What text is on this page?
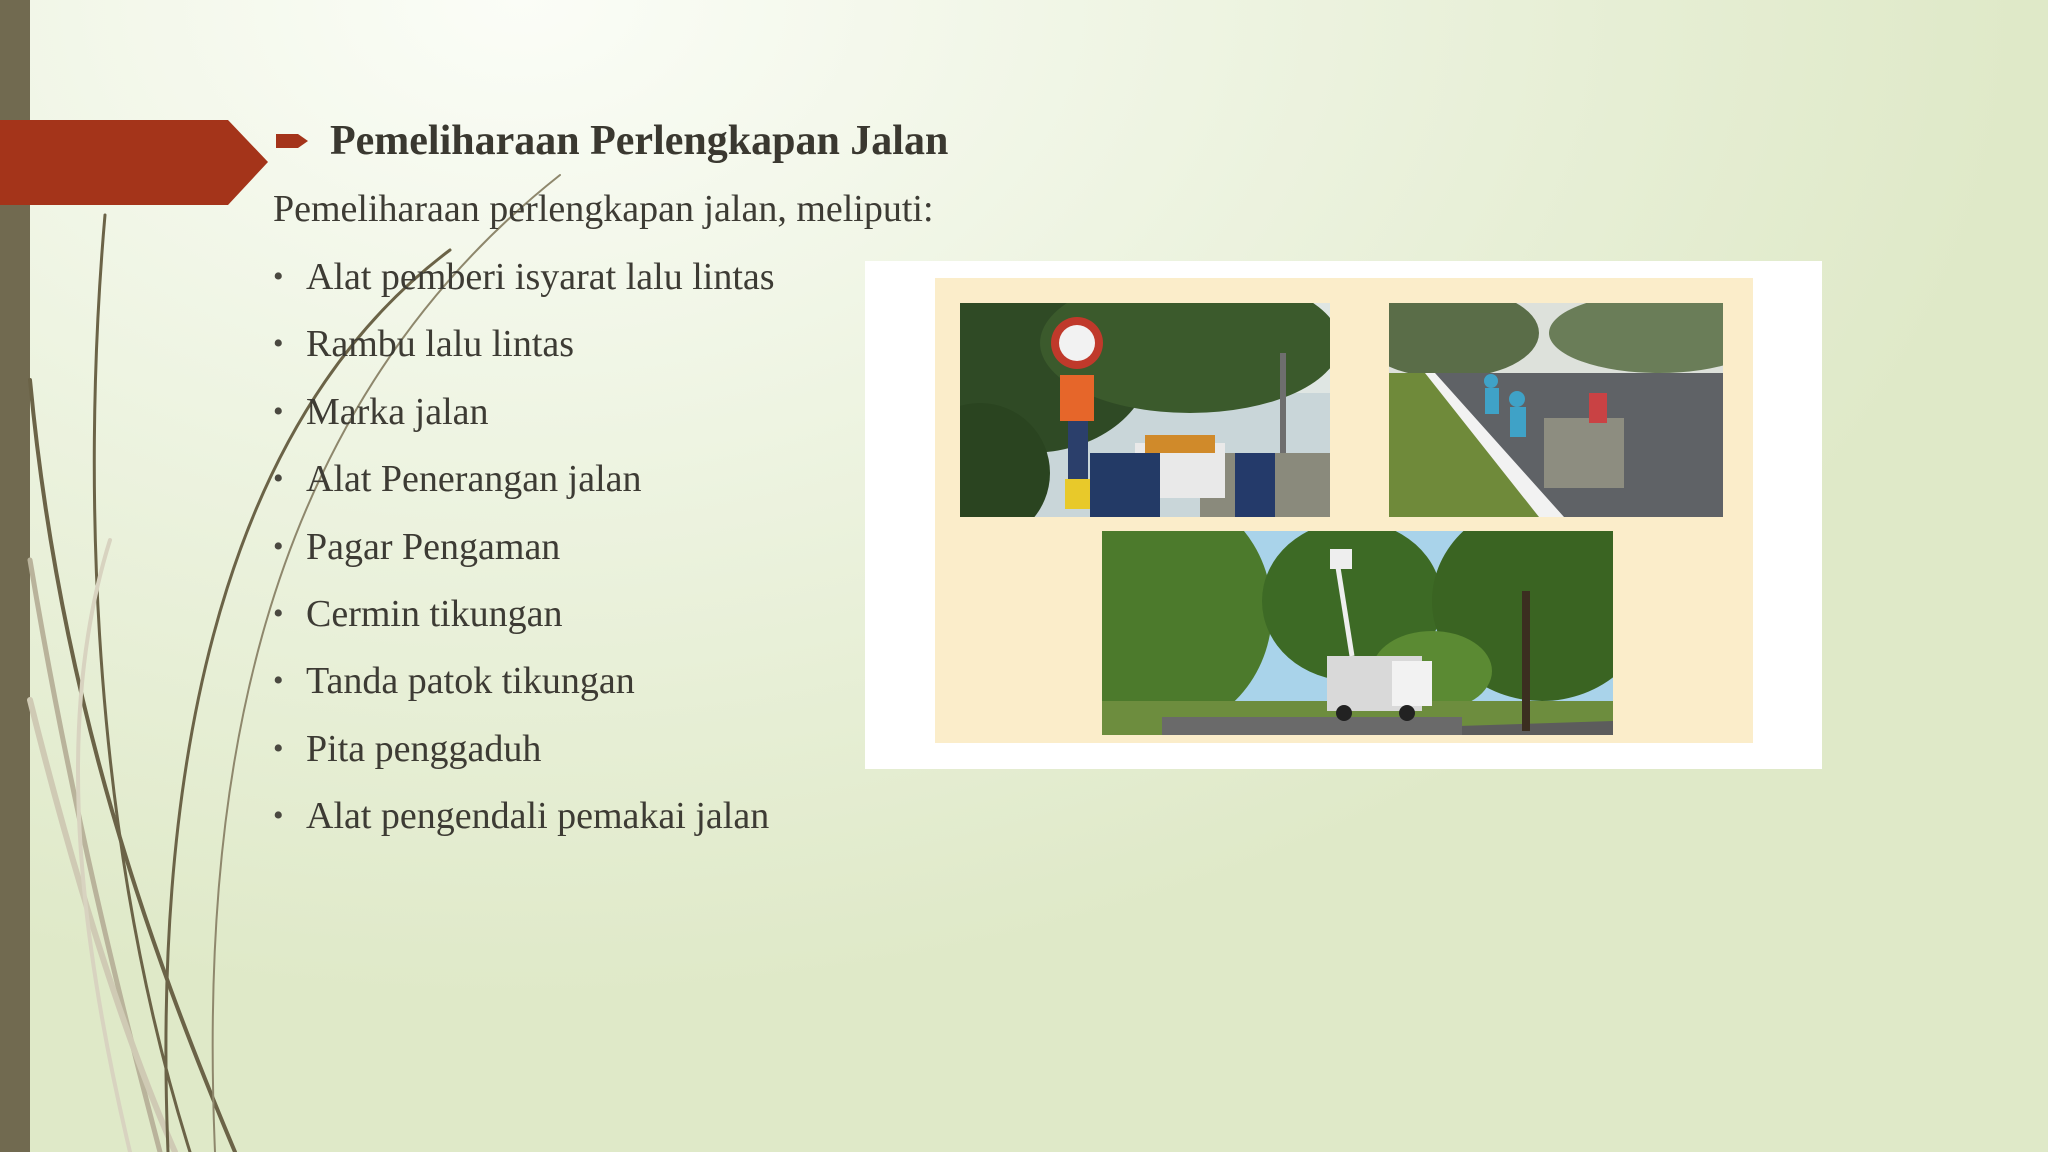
Pemeliharaan Perlengkapan Jalan
Pemeliharaan perlengkapan jalan, meliputi:
• Alat pemberi isyarat lalu lintas
• Rambu lalu lintas
• Marka jalan
• Alat Penerangan jalan
• Pagar Pengaman
• Cermin tikungan
• Tanda patok tikungan
• Pita penggaduh
• Alat pengendali pemakai jalan
